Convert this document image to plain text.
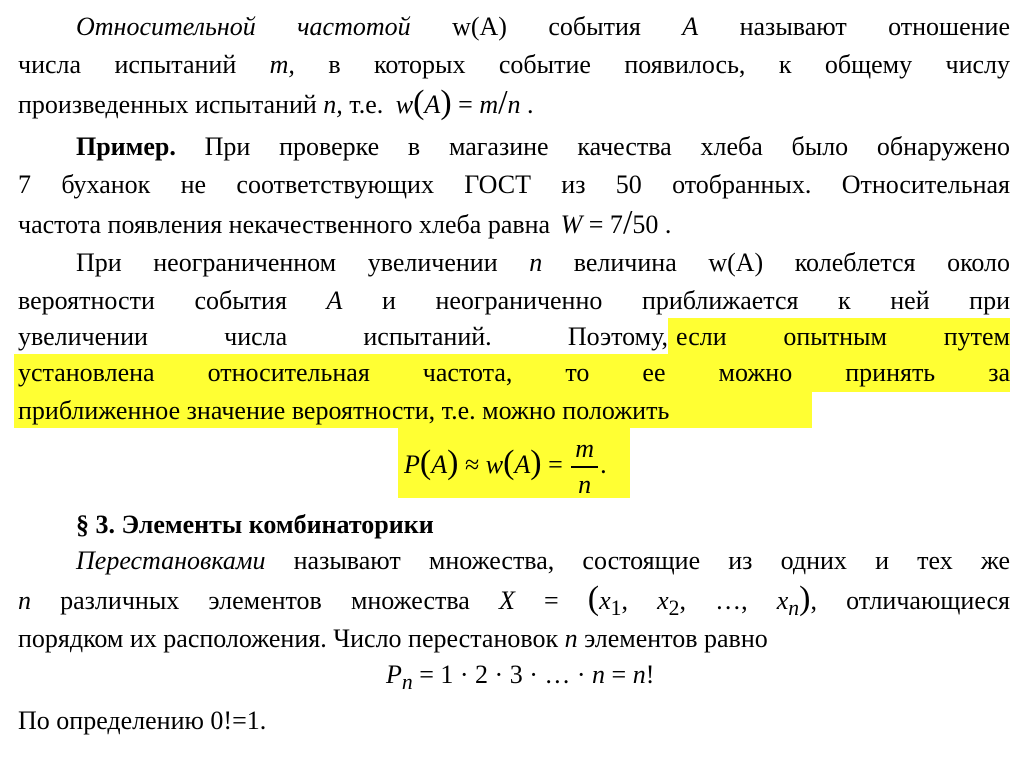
Относительной частотой w(A) события A называют отношение
числа испытаний m, в которых событие появилось, к общему числу
произведенных испытаний n, т.е. w(A) = m/n .
Пример. При проверке в магазине качества хлеба было обнаружено
7 буханок не соответствующих ГОСТ из 50 отобранных. Относительная
частота появления некачественного хлеба равна W = 7/50 .
При неограниченном увеличении n величина w(A) колеблется около
вероятности события A и неограниченно приближается к ней при
увеличении числа испытаний. Поэтому, если опытным путем
установлена относительная частота, то ее можно принять за
приближенное значение вероятности, т.е. можно положить
$P(A) \approx w(A) = \frac{m}{n}$ .
§ 3. Элементы комбинаторики
Перестановками называют множества, состоящие из одних и тех же
n различных элементов множества $X = (x_1$, $x_2$, …, $x_n$), отличающиеся
порядком их расположения. Число перестановок n элементов равно
$P_n = 1 \cdot 2 \cdot 3$ · … · n = n!
По определению 0!=1.
